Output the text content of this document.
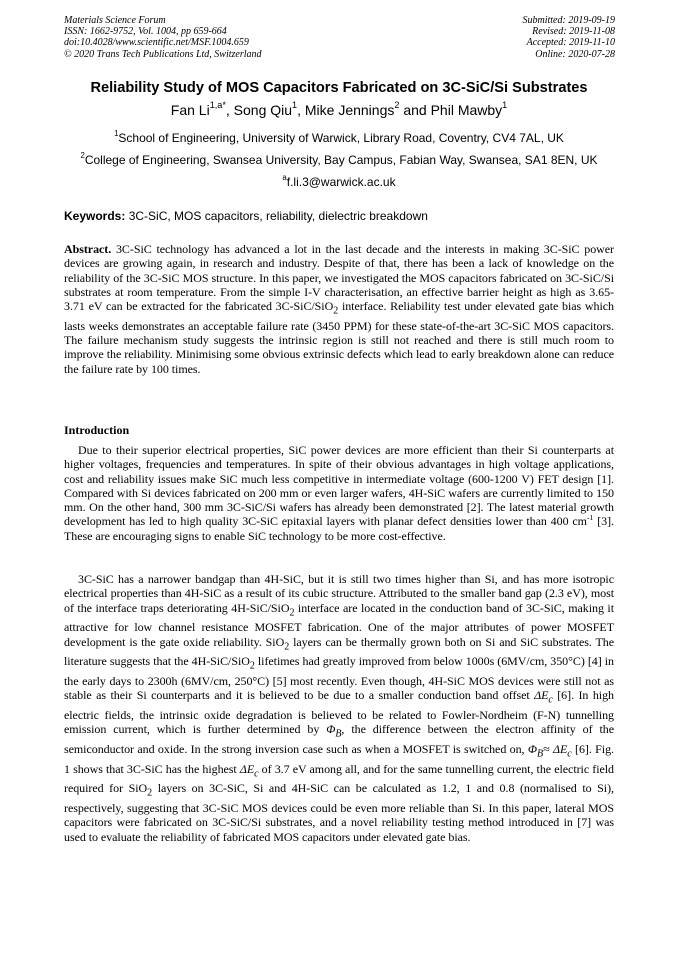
Materials Science Forum
ISSN: 1662-9752, Vol. 1004, pp 659-664
doi:10.4028/www.scientific.net/MSF.1004.659
© 2020 Trans Tech Publications Ltd, Switzerland
Submitted: 2019-09-19
Revised: 2019-11-08
Accepted: 2019-11-10
Online: 2020-07-28
Reliability Study of MOS Capacitors Fabricated on 3C-SiC/Si Substrates
Fan $Li^{1,a*}$, Song Qiu$^1$, Mike Jennings$^2$ and Phil Mawby$^1$
$^1$School of Engineering, University of Warwick, Library Road, Coventry, CV4 7AL, UK
$^2$College of Engineering, Swansea University, Bay Campus, Fabian Way, Swansea, SA1 8EN, UK
$^a$f.li.3@warwick.ac.uk
Keywords: 3C-SiC, MOS capacitors, reliability, dielectric breakdown

Abstract. 3C-SiC technology has advanced a lot in the last decade and the interests in making 3C-SiC power devices are growing again, in research and industry. Despite of that, there has been a lack of knowledge on the reliability of the 3C-SiC MOS structure. In this paper, we investigated the MOS capacitors fabricated on 3C-SiC/Si substrates at room temperature. From the simple I-V characterisation, an effective barrier height as high as 3.65-3.71 eV can be extracted for the fabricated 3C-SiC/SiO$_2$ interface. Reliability test under elevated gate bias which lasts weeks demonstrates an acceptable failure rate (3450 PPM) for these state-of-the-art 3C-SiC MOS capacitors. The failure mechanism study suggests the intrinsic region is still not reached and there is still much room to improve the reliability. Minimising some obvious extrinsic defects which lead to early breakdown alone can reduce the failure rate by 100 times.

Introduction

Due to their superior electrical properties, SiC power devices are more efficient than their Si counterparts at higher voltages, frequencies and temperatures. In spite of their obvious advantages in high voltage applications, cost and reliability issues make SiC much less competitive in intermediate voltage (600-1200 V) FET design [1]. Compared with Si devices fabricated on 200 mm or even larger wafers, 4H-SiC wafers are currently limited to 150 mm. On the other hand, 300 mm 3C-SiC/Si wafers has already been demonstrated [2]. The latest material growth development has led to high quality 3C-SiC epitaxial layers with planar defect densities lower than 400 $cm^{-1}$ [3]. These are encouraging signs to enable SiC technology to be more cost-effective.

3C-SiC has a narrower bandgap than 4H-SiC, but it is still two times higher than Si, and has more isotropic electrical properties than 4H-SiC as a result of its cubic structure. Attributed to the smaller band gap (2.3 eV), most of the interface traps deteriorating 4H-SiC/SiO$_2$ interface are located in the conduction band of 3C-SiC, making it attractive for low channel resistance MOSFET fabrication. One of the major attributes of power MOSFET development is the gate oxide reliability. SiO$_2$ layers can be thermally grown both on Si and SiC substrates. The literature suggests that the 4H-SiC/SiO$_2$ lifetimes had greatly improved from below 1000s (6MV/cm, 350°C) [4] in the early days to 2300h (6MV/cm, 250°C) [5] most recently. Even though, 4H-SiC MOS devices were still not as stable as their Si counterparts and it is believed to be due to a smaller conduction band offset $\Delta E_c$ [6]. In high electric fields, the intrinsic oxide degradation is believed to be related to Fowler-Nordheim (F-N) tunnelling emission current, which is further determined by $\Phi_B$, the difference between the electron affinity of the semiconductor and oxide. In the strong inversion case such as when a MOSFET is switched on, $\Phi_B\approx \Delta E_c$ [6]. Fig. 1 shows that 3C-SiC has the highest $\Delta E_c$ of 3.7 eV among all, and for the same tunnelling current, the electric field required for SiO$_2$ layers on 3C-SiC, Si and 4H-SiC can be calculated as 1.2, 1 and 0.8 (normalised to Si), respectively, suggesting that 3C-SiC MOS devices could be even more reliable than Si. In this paper, lateral MOS capacitors were fabricated on 3C-SiC/Si substrates, and a novel reliability testing method introduced in [7] was used to evaluate the reliability of fabricated MOS capacitors under elevated gate bias.
